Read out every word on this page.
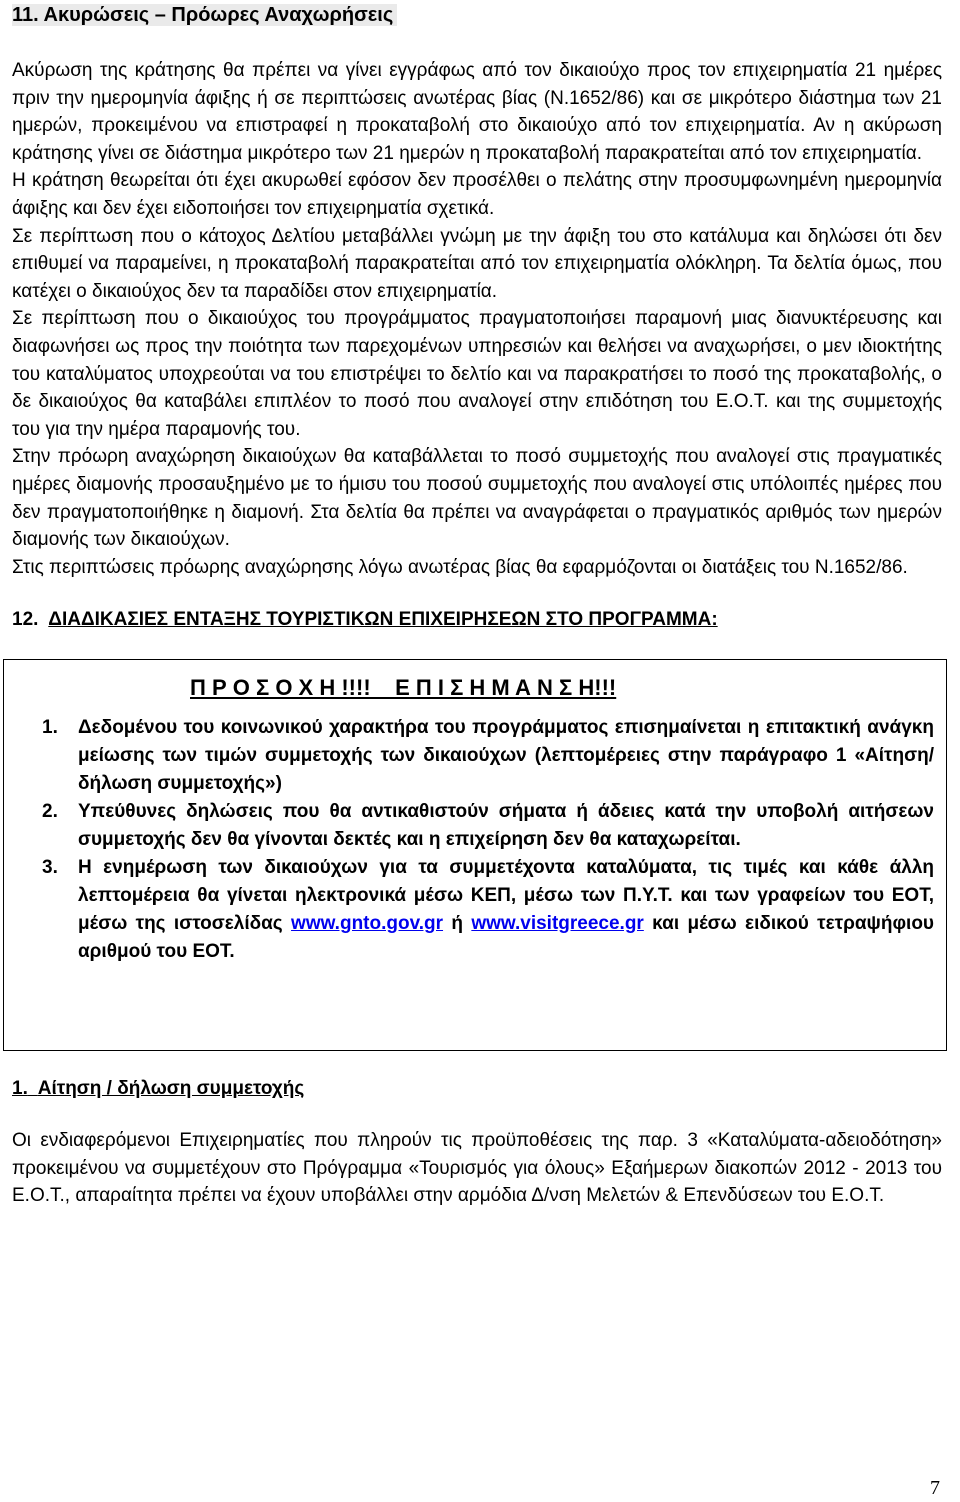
11. Ακυρώσεις – Πρόωρες Αναχωρήσεις

Ακύρωση της κράτησης θα πρέπει να γίνει εγγράφως από τον δικαιούχο προς τον επιχειρηματία 21 ημέρες πριν την ημερομηνία άφιξης ή σε περιπτώσεις ανωτέρας βίας (Ν.1652/86) και σε μικρότερο διάστημα των 21 ημερών, προκειμένου να επιστραφεί η προκαταβολή στο δικαιούχο από τον επιχειρηματία. Αν η ακύρωση κράτησης γίνει σε διάστημα μικρότερο των 21 ημερών η προκαταβολή παρακρατείται από τον επιχειρηματία.

Η κράτηση θεωρείται ότι έχει ακυρωθεί εφόσον δεν προσέλθει ο πελάτης στην προσυμφωνημένη ημερομηνία άφιξης και δεν έχει ειδοποιήσει τον επιχειρηματία σχετικά.

Σε περίπτωση που ο κάτοχος Δελτίου μεταβάλλει γνώμη με την άφιξη του στο κατάλυμα και δηλώσει ότι δεν επιθυμεί να παραμείνει, η προκαταβολή παρακρατείται από τον επιχειρηματία ολόκληρη. Τα δελτία όμως, που κατέχει ο δικαιούχος δεν τα παραδίδει στον επιχειρηματία.

Σε περίπτωση που ο δικαιούχος του προγράμματος πραγματοποιήσει παραμονή μιας διανυκτέρευσης και διαφωνήσει ως προς την ποιότητα των παρεχομένων υπηρεσιών και θελήσει να αναχωρήσει, ο μεν ιδιοκτήτης του καταλύματος υποχρεούται να του επιστρέψει το δελτίο και να παρακρατήσει το ποσό της προκαταβολής, ο δε δικαιούχος θα καταβάλει επιπλέον το ποσό που αναλογεί στην επιδότηση του Ε.Ο.Τ. και της συμμετοχής του για την ημέρα παραμονής του.

Στην πρόωρη αναχώρηση δικαιούχων θα καταβάλλεται το ποσό συμμετοχής που αναλογεί στις πραγματικές ημέρες διαμονής προσαυξημένο με το ήμισυ του ποσού συμμετοχής που αναλογεί στις υπόλοιπές ημέρες που δεν πραγματοποιήθηκε η διαμονή. Στα δελτία θα πρέπει να αναγράφεται ο πραγματικός αριθμός των ημερών διαμονής των δικαιούχων.

Στις περιπτώσεις πρόωρης αναχώρησης λόγω ανωτέρας βίας θα εφαρμόζονται οι διατάξεις του Ν.1652/86.

12. ΔΙΑΔΙΚΑΣΙΕΣ ΕΝΤΑΞΗΣ ΤΟΥΡΙΣΤΙΚΩΝ ΕΠΙΧΕΙΡΗΣΕΩΝ ΣΤΟ ΠΡΟΓΡΑΜΜΑ:
Π Ρ Ο Σ Ο Χ Η !!!!    Ε Π Ι Σ Η Μ Α Ν Σ Η!!!
1. Δεδομένου του κοινωνικού χαρακτήρα του προγράμματος επισημαίνεται η επιτακτική ανάγκη μείωσης των τιμών συμμετοχής των δικαιούχων (λεπτομέρειες στην παράγραφο 1 «Αίτηση/δήλωση συμμετοχής»)
2. Υπεύθυνες δηλώσεις που θα αντικαθιστούν σήματα ή άδειες κατά την υποβολή αιτήσεων συμμετοχής δεν θα γίνονται δεκτές και η επιχείρηση δεν θα καταχωρείται.
3. Η ενημέρωση των δικαιούχων για τα συμμετέχοντα καταλύματα, τις τιμές και κάθε άλλη λεπτομέρεια θα γίνεται ηλεκτρονικά μέσω ΚΕΠ, μέσω των Π.Υ.Τ. και των γραφείων του ΕΟΤ, μέσω της ιστοσελίδας www.gnto.gov.gr ή www.visitgreece.gr και μέσω ειδικού τετραψήφιου αριθμού του ΕΟΤ.
1. Αίτηση / δήλωση συμμετοχής

Οι ενδιαφερόμενοι Επιχειρηματίες που πληρούν τις προϋποθέσεις της παρ. 3 «Καταλύματα-αδειοδότηση» προκειμένου να συμμετέχουν στο Πρόγραμμα «Τουρισμός για όλους» Εξαήμερων διακοπών 2012 - 2013 του Ε.Ο.Τ., απαραίτητα πρέπει να έχουν υποβάλλει στην αρμόδια Δ/νση Μελετών & Επενδύσεων του Ε.Ο.Τ.

7
